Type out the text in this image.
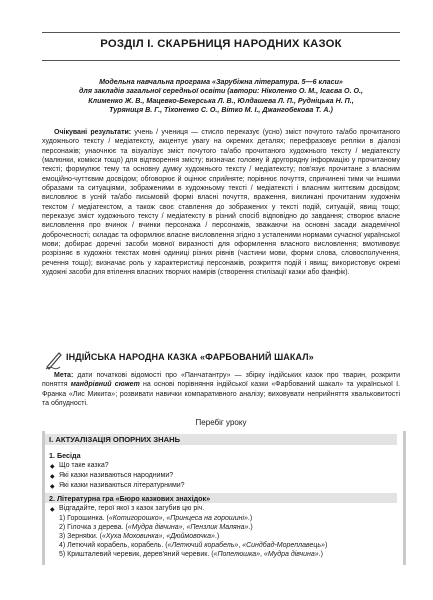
РОЗДІЛ І. СКАРБНИЦЯ НАРОДНИХ КАЗОК
Модельна навчальна програма «Зарубіжна література. 5—6 класи»
для закладів загальної середньої освіти (автори: Ніколенко О. М., Ісаєва О. О.,
Клименко Ж. В., Мацевко-Бекерська Л. В., Юлдашева Л. П., Рудніцька Н. П.,
Туряниця В. Г., Тіхоненко С. О., Вітко М. І., Джангобекова Т. А.)

Очікувані результати: учень / учениця — стисло переказує (усно) зміст почутого та/або прочитаного художнього тексту / медіатексту, акцентує увагу на окремих деталях; перефразовує репліки в діалозі персонажів; унаочнює та візуалізує зміст почутого та/або прочитаного художнього тексту / медіатексту (малюнки, комікси тощо) для відтворення змісту; визначає головну й другорядну інформацію у прочитаному тексті; формулює тему та основну думку художнього тексту / медіатексту; пов'язує прочитане з власним емоційно-чуттєвим досвідом; обговорює й оцінює сприйняте; порівнює почуття, спричинені тими чи іншими образами та ситуаціями, зображеними в художньому тексті / медіатексті і власним життєвим досвідом; висловлює в усній та/або письмовій формі власні почуття, враження, викликані прочитаним художнім текстом / медіатекстом, а також своє ставлення до зображених у тексті подій, ситуацій, явищ тощо; переказує зміст художнього тексту / медіатексту в різний спосіб відповідно до завдання; створює власне висловлення про вчинок / вчинки персонажа / персонажів, зважаючи на основні засади академічної доброчесності; складає та оформлює власне висловлення згідно з усталеними нормами сучасної української мови; добирає доречні засоби мовної виразності для оформлення власного висловлення; вмотивовує розрізняє в художніх текстах мовні одиниці різних рівнів (частини мови, форми слова, словосполучення, речення тощо); визначає роль у характеристиці персонажів, розкриття подій і явищ; використовує окремі художні засоби для втілення власних творчих намірів (створення стилізації казки або фанфік).

ІНДІЙСЬКА НАРОДНА КАЗКА «ФАРБОВАНИЙ ШАКАЛ»

Мета: дати початкові відомості про «Панчатантру» — збірку індійських казок про тварин, розкрити поняття мандрівний сюжет на основі порівняння індійської казки «Фарбований шакал» та української І. Франка «Лис Микита»; розвивати навички компаративного аналізу; виховувати неприйняття хвальковитості та облудності.

Перебіг уроку
І. АКТУАЛІЗАЦІЯ ОПОРНИХ ЗНАНЬ
1. Бесіда
◆ Що таке казка?
◆ Які казки називаються народними?
◆ Які казки називаються літературними?
2. Літературна гра «Бюро казкових знахідок»
◆ Відгадайте, герої якої з казок загубив цю річ.
1) Горошинка. («Котигорошко», «Принцеса на горошині».)
2) Гілочка з дерева. («Мудра дівчина», «Пензлик Маляна».)
3) Зерняtки. («Хуха Моховинка», «Дюймовочка».)
4) Летючий корабель, корабель. («Летючий корабель», «Синдбад-Мореплавець»)
5) Кришталевий черевик, дерев'яний черевик. («Попелюшка», «Мудра дівчина».)
